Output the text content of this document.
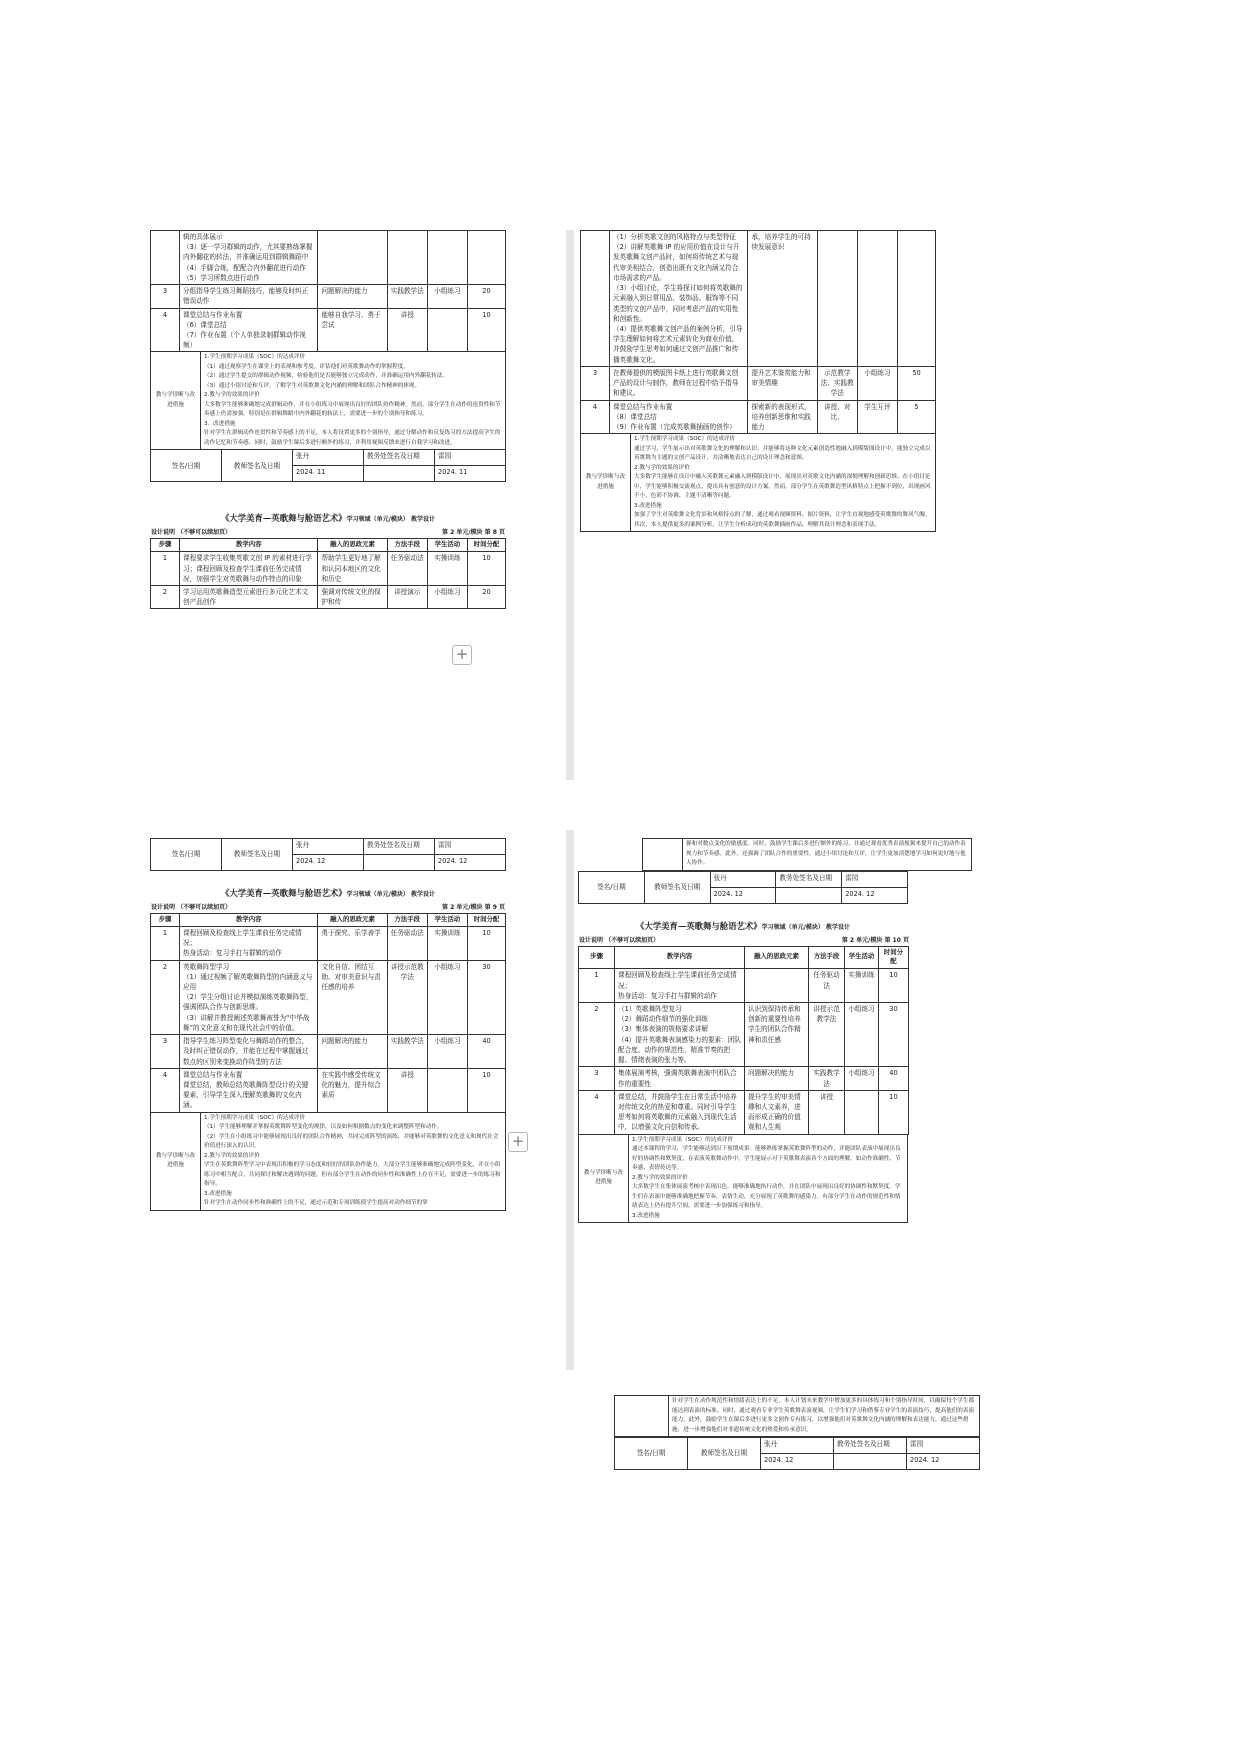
	辑的具体展示
（3）逐一学习群辑的动作，尤其要熟练掌握内外翻花的转法，并准确运用到群辑舞蹈中
（4）手脚合练，配配合内外翻花进行动作
（5）学习所数点进行动作				

3	分组指导学生练习舞蹈技巧，能够及时纠正错误动作	问题解决的能力	实践教学法	小组练习	20
4	课堂总结与作业布置
（6）课堂总结
（7）作业布置（个人单独录制群辑动作视频）	能够自我学习、勇于尝试	讲授		10
教与学诊断与改进措施	
1.学生预期学习成果（SOC）的达成评价
（1）通过观察学生在课堂上的表现和参考度，评估他们对英歌舞动作的掌握程度。
（2）通过学生提交的群辑动作视频，检验他们是否能够独立完成动作，并准确运用内外翻花转法。
（3）通过小组讨论和互评，了解学生对英歌舞文化内涵的理解和团队合作精神的体现。
2.教与学的效果的评价
大多数学生能够准确地完成群辑动作，并在小组练习中展现出良好的团队协作精神。然而，部分学生在动作的连贯性和节奏感上仍需加强，特别是在群辑舞蹈中内外翻花的转法上，需要进一步的个别指导和练习。
3．改进措施
针对学生在群辑动作连贯性和节奏感上的不足，本人将设置更多的个别指导，通过分解动作和反复练习的方法提高学生的动作记忆和节奏感。同时，鼓励学生课后多进行额外的练习，并利用视频反馈来进行自我学习和改进。
签名/日期	教师签名及日期	张丹	教务处签名及日期	雷园
		2024. 11		2024. 11
《大学美育—英歌舞与舱语艺术》学习领域（单元/模块） 教学设计
设计说明 （不够可以续加页）	第 2 单元/模块 第 8 页
步骤	教学内容	融入的思政元素	方法手段	学生活动	时间分配
1	课程要求学生收集英歌文创 IP 的素材进行学习；课程回顾及检查学生课前任务完成情况，加强学生对英歌舞与动作特点的印象	帮助学生更好地了解和认同本地区的文化和历史	任务驱动法	实操训练	10
2	学习运用英歌舞造型元素进行多元化艺术文创产品创作	强调对传统文化的保护和传	讲授演示	小组练习	20
+

	（1）分析英歌文创的风格特点与类型特征
（2）讲解英歌舞 IP 的应用价值在设计与开发英歌舞文创产品时，如何将传统艺术与现代审美相结合，创造出既有文化内涵又符合市场需求的产品。
（3）小组讨论，学生将探讨如何将英歌舞的元素融入到日常用品、装饰品、服饰等不同类型的文创产品中，同时考虑产品的实用性和创新性。
（4）提供英歌舞文创产品的案例分析，引导学生理解如何将艺术元素转化为商业价值，并鼓励学生思考如何通过文创产品推广和传播英歌舞文化。	承，培养学生的可持续发展意识			
3	在教师提供的模版图卡纸上进行英歌舞文创产品的设计与制作，教师在过程中给予指导和建议。	提升艺术鉴赏能力和审美情趣	示范教学法、实践教学法	小组练习	50
4	课堂总结与作业布置
（8）课堂总结
（9）作业布置（完成英歌舞插画的创作）	探索新的表现形式，培养创新思维和实践能力	讲授、对比、	学生互评	5
教与学诊断与改进措施	
1.学生预期学习成果（SOC）的达成评价
通过学习，学生展示出对英歌舞文化的理解和认识，并能够将这种文化元素创造性地融入到模版图设计中。能独立完成以英歌舞为主题的文创产品设计，并清晰地表达自己的设计理念和意图。
2.教与学的效果的评价
大多数学生能够在设计中融入英歌舞元素融入到模版设计中，展现出对英歌文化内涵的深刻理解和创新思维。在小组讨论中，学生能够积极交流观点，提出具有创意的设计方案。然而，部分学生在英歌舞造型风格特点上把握不到位，出现画风不小，色彩不协调、主题不清晰等问题。
3.改进措施
加强了学生对英歌舞文化背景和风格特点的了解，通过观看视频资料、图片资料，让学生直观地感受英歌舞的舞风气魄。其次，本人提供更多的案例分析，让学生分析成功的英歌舞插画作品，理解其设计理念和表现手法。
签名/日期	教师签名及日期	张丹	教务处签名及日期	雷园
		2024. 12		2024. 12
《大学美育—英歌舞与舱语艺术》学习领域（单元/模块） 教学设计
设计说明 （不够可以续加页）	第 2 单元/模块 第 9 页
步骤	教学内容	融入的思政元素	方法手段	学生活动	时间分配
1	课程回顾及检查线上学生课前任务完成情况；
热身活动：复习手打与群辑的动作	勇于探究、乐学善学	任务驱动法	实操训练	10
2	英歌舞阵型学习
（1）通过视频了解英歌舞阵型的内涵意义与应用
（2）学生分组讨论并模拟演练英歌舞阵型，强调团队合作与创新思维。
（3）讲解并教授阐述英歌舞被誉为“中华战舞”的文化意义和在现代社会中的价值。	文化自信、团结互助、对审美意识与责任感的培养	讲授示范教学法	小组练习	30
3	指导学生练习阵型变化与舞蹈动作的整合，及时纠正错误动作，并能在过程中掌握通过数点的区别来变换动作阵型的方法	问题解决的能力	实践教学法	小组练习	40
4	课堂总结与作业布置
课堂总结，教师总结英歌舞阵型设计的关键要素，引导学生深入理解英歌舞的文化内涵。	在实践中感受传统文化的魅力，提升综合素质	讲授		10
教与学诊断与改进措施	
1.学生预期学习成果（SOC）的达成评价
（1）学生能够理解并掌握英歌舞阵型变化的规律，以及如何根据数点的变化来调整阵型和动作。
（2）学生在小组练习中能够展现出良好的团队合作精神，共同完成阵型的演练，并能够对英歌舞的文化意义和现代社会价值进行深入的认识。
2.教与学的效果的评价
学生在英歌舞阵型学习中表现出积极的学习态度和较好的团队协作能力。大部分学生能够准确地完成阵型变化，并在小组练习中相互配合，共同探讨和解决遇到的问题。但有部分学生在动作的同步性和准确性上存在不足，需要进一步的练习和指导。
3.改进措施
针对学生在动作同步性和准确性上的不足，通过示范和专项训练使学生提高对动作细节的掌
+

握和对数点变化的敏感度。同时，鼓励学生课后多进行额外的练习，并通过观看优秀表演视频来提升自己的动作表现力和节奏感。此外，还强调了团队合作的重要性，通过小组讨论和互评，让学生更加清楚地学习如何更好地与他人协作。
签名/日期	教师签名及日期	张丹	教务处签名及日期	雷园
		2024. 12		2024. 12
《大学美育—英歌舞与舱语艺术》学习领域（单元/模块） 教学设计
设计说明 （不够可以续加页）	第 2 单元/模块 第 10 页
步骤	教学内容	融入的思政元素	方法手段	学生活动	时间分配
1	课程回顾及检查线上学生课前任务完成情况；
热身活动：复习手打与群辑的动作		任务驱动法	实操训练	10
2	（1）英歌舞阵型复习
（2）舞蹈动作细节的强化训练
（3）集体表演的规格要求讲解
（4）提升英歌舞表演感染力的要素：团队配合度、动作的规范性、精准节奏的把握、情绪表演的张力等。	认识到保持传承和创新的重要性培养学生的团队合作精神和责任感	讲授示范教学法	小组练习	30
3	集体展演考核，强调英歌舞表演中团队合作的重要性	问题解决的能力	实践教学法	小组练习	40
4	课堂总结，并鼓励学生在日常生活中培养对传统文化的热爱和尊重。同时引导学生思考如何将英歌舞的元素融入到现代生活中，以增强文化自信和传承。	提升学生的审美情趣和人文素养，进而形成正确的价值观和人生观	讲授		10
教与学诊断与改进措施	
1.学生预期学习成果（SOC）的达成评价
通过本课程的学习，学生能够达到以下预期成果：能够熟练掌握英歌舞阵型的动作，并能团队表演中展现出良好的协调性和默契度，在表演英歌舞动作中，学生能展示对于英歌舞表演各个方面的理解，如动作准确性、节奏感、表情传达等。
2.教与学的效果的评价
大多数学生在集体展演考核中表现出色，能够准确地执行动作，并在团队中展现出良好的协调性和默契度。学生们在表演中能够准确地把握节奏，表情生动，充分展现了英歌舞的感染力。有部分学生在动作的规范性和情绪表达上仍有提升空间，需要进一步加强练习和指导。
3.改进措施

针对学生在动作规范性和情绪表达上的不足，本人计划未来教学中增加更多的具体练习和个别指导时间，以确保每个学生都能达到表演的标准。同时，通过观看专业学生英歌舞表演视频，让学生们学习和借鉴专业学生的表演技巧，提高他们的表演能力。此外，鼓励学生在课后多进行更多文创作专有练习，以增强他们对英歌舞文化内涵的理解和表达能力。通过这些措施，进一步增强他们对非遗传统文化的热爱和传承意识。
签名/日期	教师签名及日期	张丹	教务处签名及日期	雷园
		2024. 12		2024. 12
